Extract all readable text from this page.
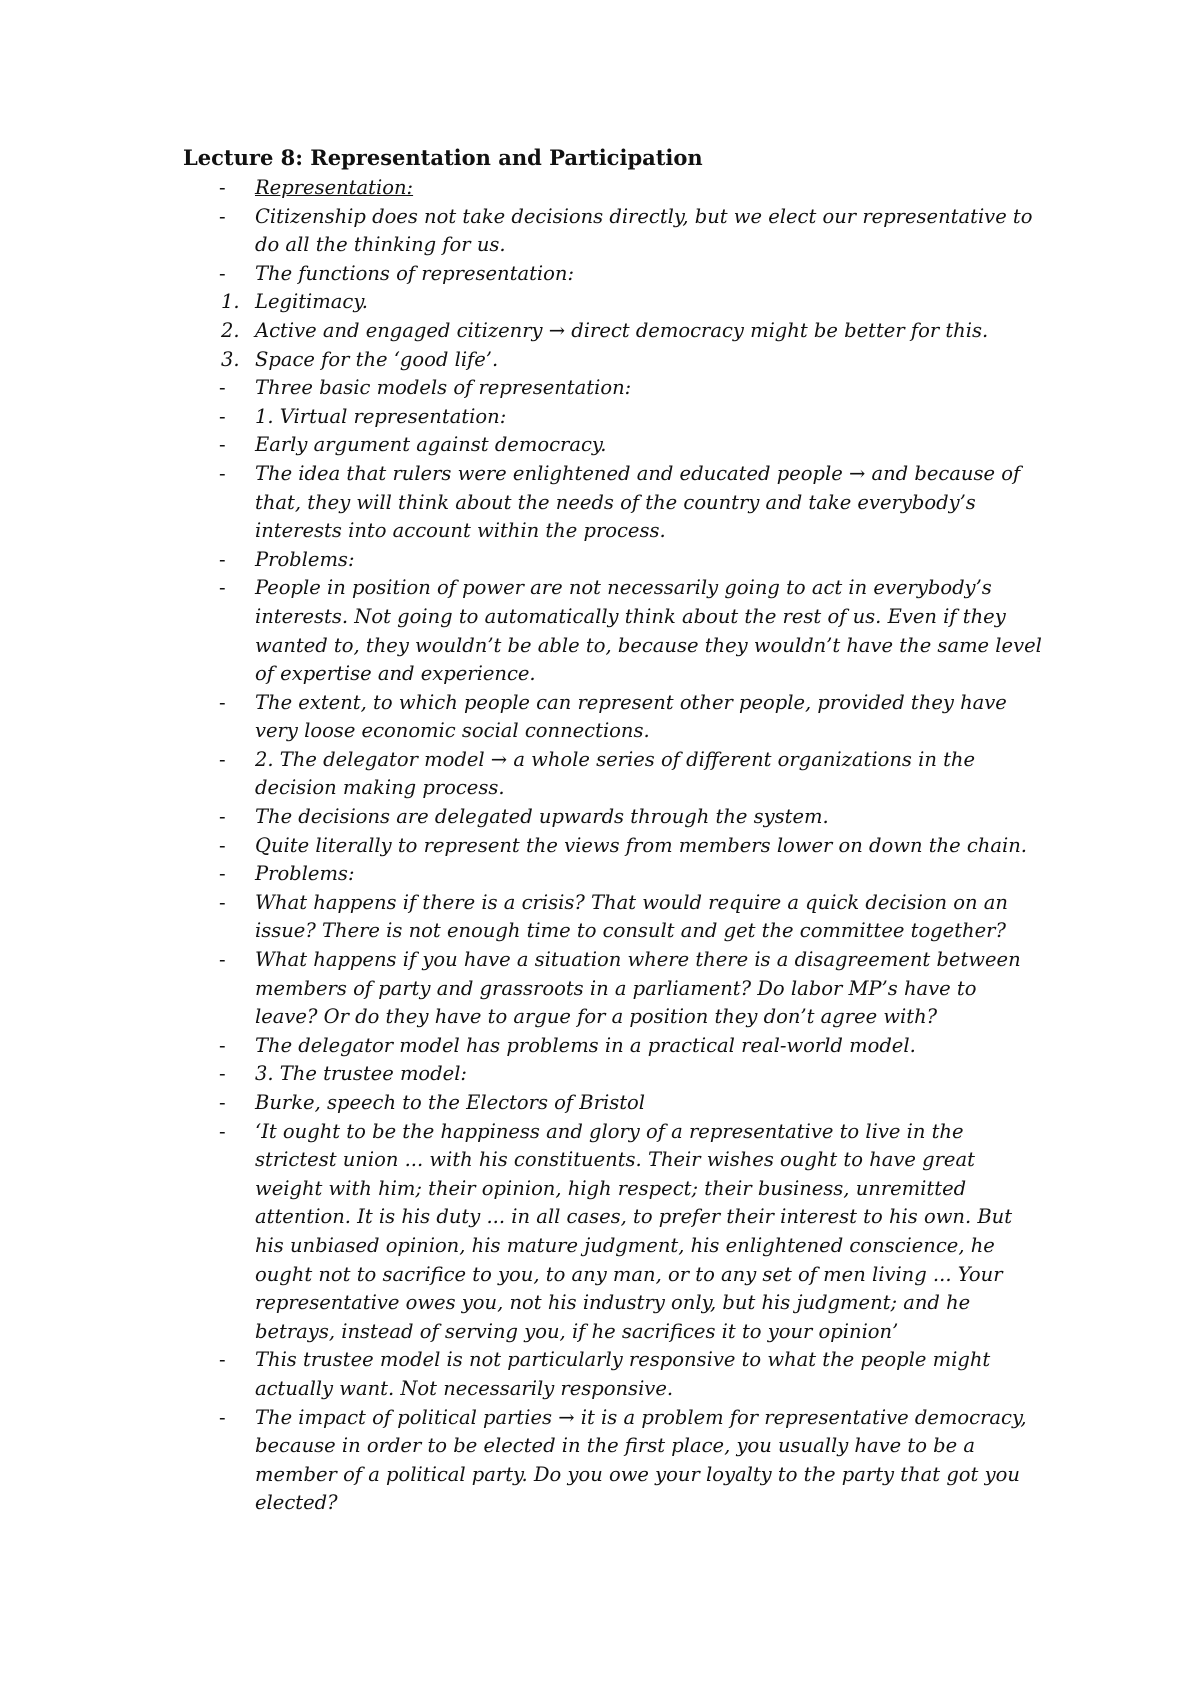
Lecture 8: Representation and Participation
- Representation:
- Citizenship does not take decisions directly, but we elect our representative to do all the thinking for us.
- The functions of representation:
1. Legitimacy.
2. Active and engaged citizenry → direct democracy might be better for this.
3. Space for the ‘good life’.
- Three basic models of representation:
- 1. Virtual representation:
- Early argument against democracy.
- The idea that rulers were enlightened and educated people → and because of that, they will think about the needs of the country and take everybody’s interests into account within the process.
- Problems:
- People in position of power are not necessarily going to act in everybody’s interests. Not going to automatically think about the rest of us. Even if they wanted to, they wouldn’t be able to, because they wouldn’t have the same level of expertise and experience.
- The extent, to which people can represent other people, provided they have very loose economic social connections.
- 2. The delegator model → a whole series of different organizations in the decision making process.
- The decisions are delegated upwards through the system.
- Quite literally to represent the views from members lower on down the chain.
- Problems:
- What happens if there is a crisis? That would require a quick decision on an issue? There is not enough time to consult and get the committee together?
- What happens if you have a situation where there is a disagreement between members of party and grassroots in a parliament? Do labor MP’s have to leave? Or do they have to argue for a position they don’t agree with?
- The delegator model has problems in a practical real-world model.
- 3. The trustee model:
- Burke, speech to the Electors of Bristol
- ‘It ought to be the happiness and glory of a representative to live in the strictest union ... with his constituents. Their wishes ought to have great weight with him; their opinion, high respect; their business, unremitted attention. It is his duty ... in all cases, to prefer their interest to his own. But his unbiased opinion, his mature judgment, his enlightened conscience, he ought not to sacrifice to you, to any man, or to any set of men living ... Your representative owes you, not his industry only, but his judgment; and he betrays, instead of serving you, if he sacrifices it to your opinion’
- This trustee model is not particularly responsive to what the people might actually want. Not necessarily responsive.
- The impact of political parties → it is a problem for representative democracy, because in order to be elected in the first place, you usually have to be a member of a political party. Do you owe your loyalty to the party that got you elected?
